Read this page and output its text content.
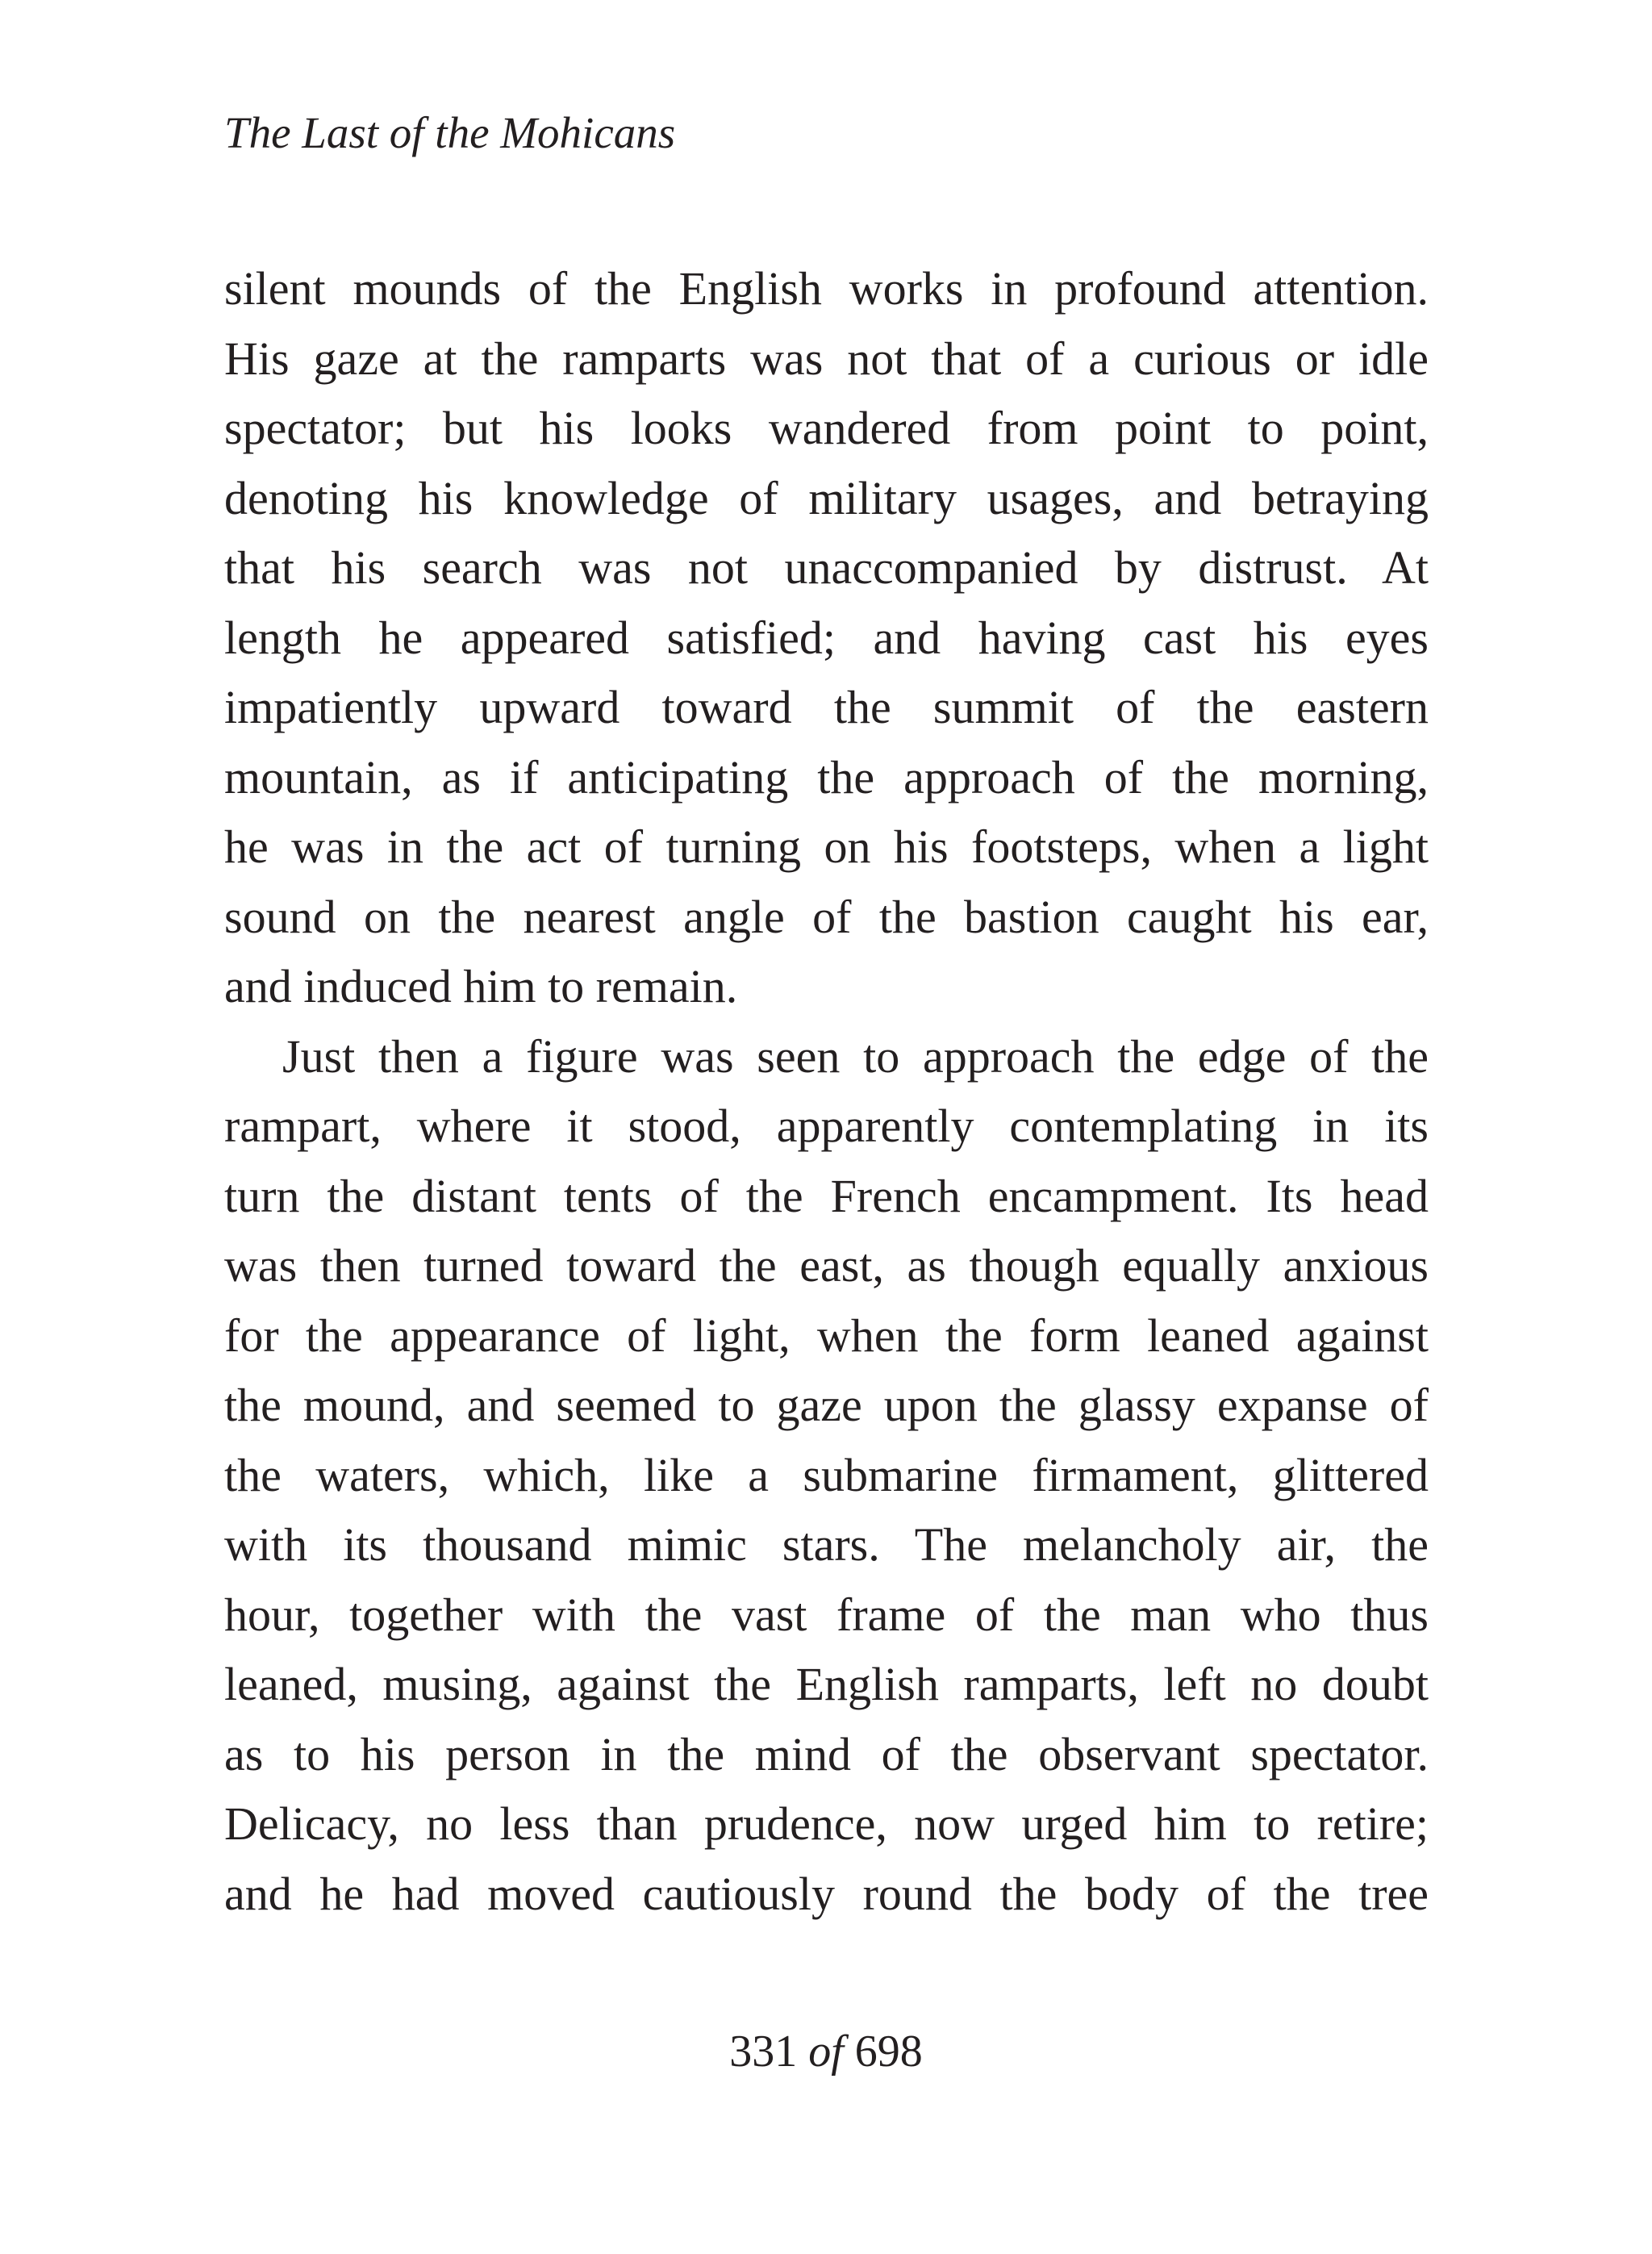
The Last of the Mohicans
silent mounds of the English works in profound attention.
His gaze at the ramparts was not that of a curious or idle
spectator; but his looks wandered from point to point,
denoting his knowledge of military usages, and betraying
that his search was not unaccompanied by distrust. At
length he appeared satisfied; and having cast his eyes
impatiently upward toward the summit of the eastern
mountain, as if anticipating the approach of the morning,
he was in the act of turning on his footsteps, when a light
sound on the nearest angle of the bastion caught his ear,
and induced him to remain.
Just then a figure was seen to approach the edge of the
rampart, where it stood, apparently contemplating in its
turn the distant tents of the French encampment. Its head
was then turned toward the east, as though equally anxious
for the appearance of light, when the form leaned against
the mound, and seemed to gaze upon the glassy expanse of
the waters, which, like a submarine firmament, glittered
with its thousand mimic stars. The melancholy air, the
hour, together with the vast frame of the man who thus
leaned, musing, against the English ramparts, left no doubt
as to his person in the mind of the observant spectator.
Delicacy, no less than prudence, now urged him to retire;
and he had moved cautiously round the body of the tree
331 of 698
